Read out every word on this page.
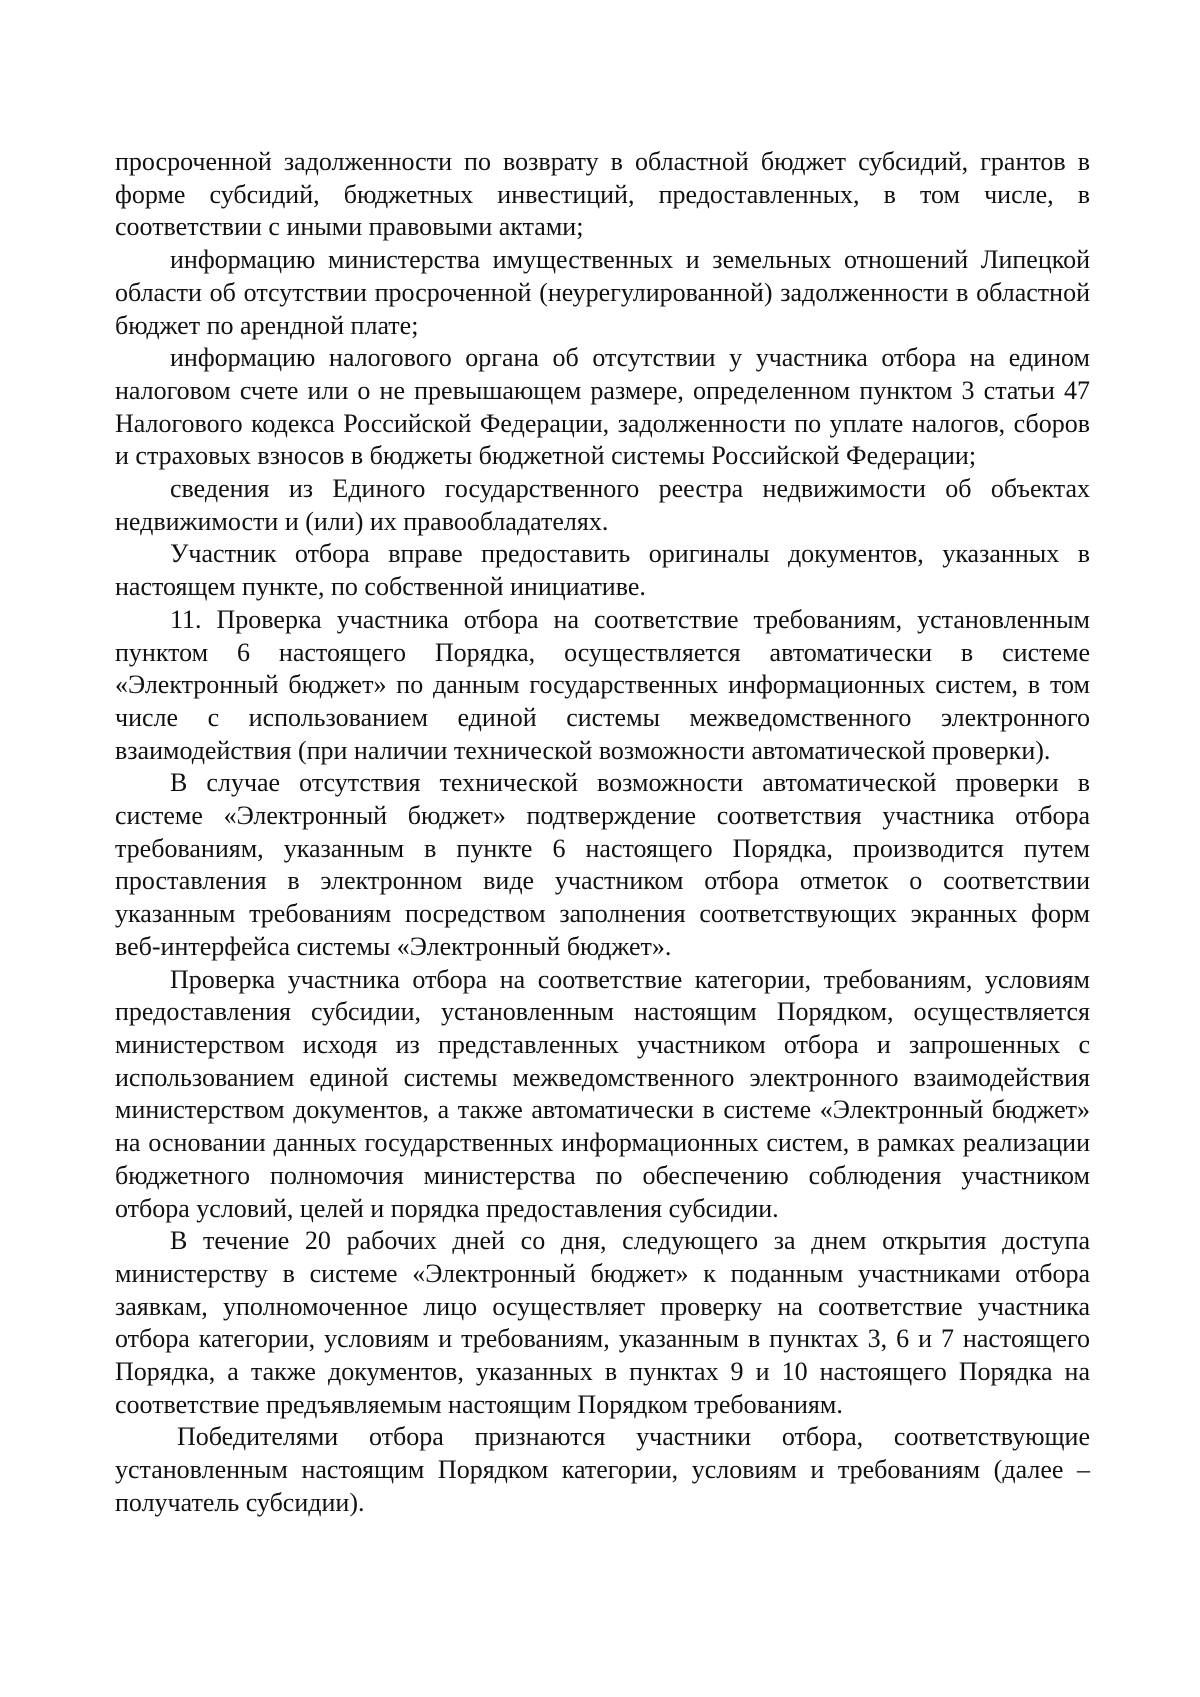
просроченной задолженности по возврату в областной бюджет субсидий, грантов в форме субсидий, бюджетных инвестиций, предоставленных, в том числе, в соответствии с иными правовыми актами;

информацию министерства имущественных и земельных отношений Липецкой области об отсутствии просроченной (неурегулированной) задолженности в областной бюджет по арендной плате;

информацию налогового органа об отсутствии у участника отбора на едином налоговом счете или о не превышающем размере, определенном пунктом 3 статьи 47 Налогового кодекса Российской Федерации, задолженности по уплате налогов, сборов и страховых взносов в бюджеты бюджетной системы Российской Федерации;

сведения из Единого государственного реестра недвижимости об объектах недвижимости и (или) их правообладателях.

Участник отбора вправе предоставить оригиналы документов, указанных в настоящем пункте, по собственной инициативе.

11. Проверка участника отбора на соответствие требованиям, установленным пунктом 6 настоящего Порядка, осуществляется автоматически в системе «Электронный бюджет» по данным государственных информационных систем, в том числе с использованием единой системы межведомственного электронного взаимодействия (при наличии технической возможности автоматической проверки).

В случае отсутствия технической возможности автоматической проверки в системе «Электронный бюджет» подтверждение соответствия участника отбора требованиям, указанным в пункте 6 настоящего Порядка, производится путем проставления в электронном виде участником отбора отметок о соответствии указанным требованиям посредством заполнения соответствующих экранных форм веб-интерфейса системы «Электронный бюджет».

Проверка участника отбора на соответствие категории, требованиям, условиям предоставления субсидии, установленным настоящим Порядком, осуществляется министерством исходя из представленных участником отбора и запрошенных с использованием единой системы межведомственного электронного взаимодействия министерством документов, а также автоматически в системе «Электронный бюджет» на основании данных государственных информационных систем, в рамках реализации бюджетного полномочия министерства по обеспечению соблюдения участником отбора условий, целей и порядка предоставления субсидии.

В течение 20 рабочих дней со дня, следующего за днем открытия доступа министерству в системе «Электронный бюджет» к поданным участниками отбора заявкам, уполномоченное лицо осуществляет проверку на соответствие участника отбора категории, условиям и требованиям, указанным в пунктах 3, 6 и 7 настоящего Порядка, а также документов, указанных в пунктах 9 и 10 настоящего Порядка на соответствие предъявляемым настоящим Порядком требованиям.

Победителями отбора признаются участники отбора, соответствующие установленным настоящим Порядком категории, условиям и требованиям (далее – получатель субсидии).
